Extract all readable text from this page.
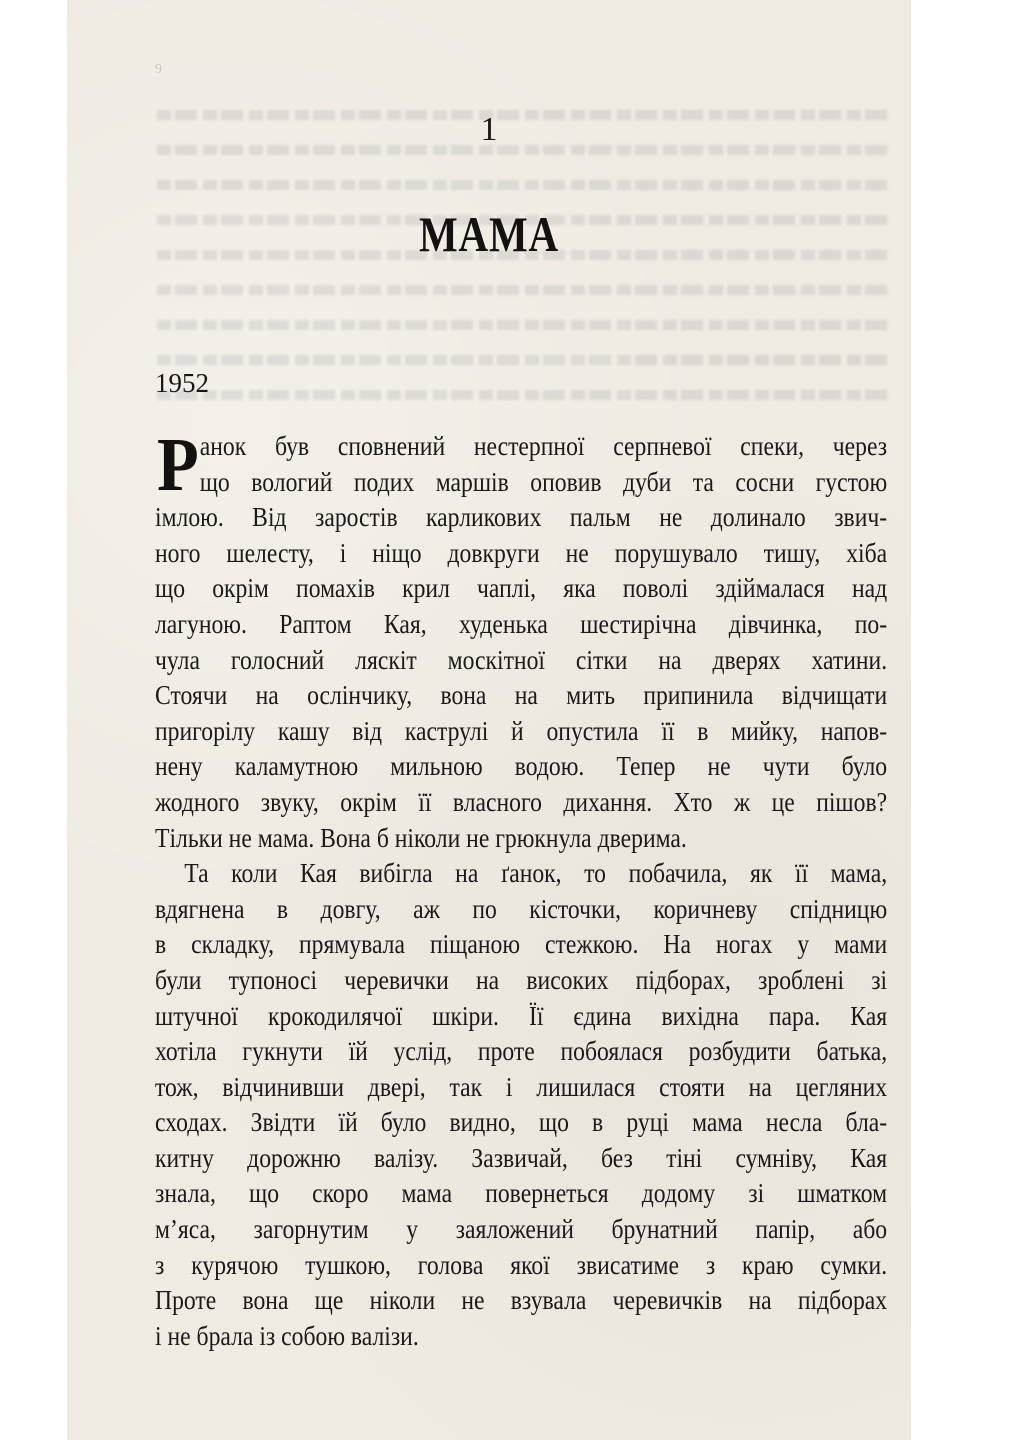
9
1
МАМА
1952
Р анок був сповнений нестерпної серпневої спеки, через
що вологий подих маршів оповив дуби та сосни густою
імлою. Від заростів карликових пальм не долинало звич-
ного шелесту, і ніщо довкруги не порушувало тишу, хіба
що окрім помахів крил чаплі, яка поволі здіймалася над
лагуною. Раптом Кая, худенька шестирічна дівчинка, по-
чула голосний ляскіт москітної сітки на дверях хатини.
Стоячи на ослінчику, вона на мить припинила відчищати
пригорілу кашу від каструлі й опустила її в мийку, напов-
нену каламутною мильною водою. Тепер не чути було
жодного звуку, окрім її власного дихання. Хто ж це пішов?
Тільки не мама. Вона б ніколи не грюкнула дверима.
Та коли Кая вибігла на ґанок, то побачила, як її мама,
вдягнена в довгу, аж по кісточки, коричневу спідницю
в складку, прямувала піщаною стежкою. На ногах у мами
були тупоносі черевички на високих підборах, зроблені зі
штучної крокодилячої шкіри. Її єдина вихідна пара. Кая
хотіла гукнути їй услід, проте побоялася розбудити батька,
тож, відчинивши двері, так і лишилася стояти на цегляних
сходах. Звідти їй було видно, що в руці мама несла бла-
китну дорожню валізу. Зазвичай, без тіні сумніву, Кая
знала, що скоро мама повернеться додому зі шматком
м’яса, загорнутим у заяложений брунатний папір, або
з курячою тушкою, голова якої звисатиме з краю сумки.
Проте вона ще ніколи не взувала черевичків на підборах
і не брала із собою валізи.
